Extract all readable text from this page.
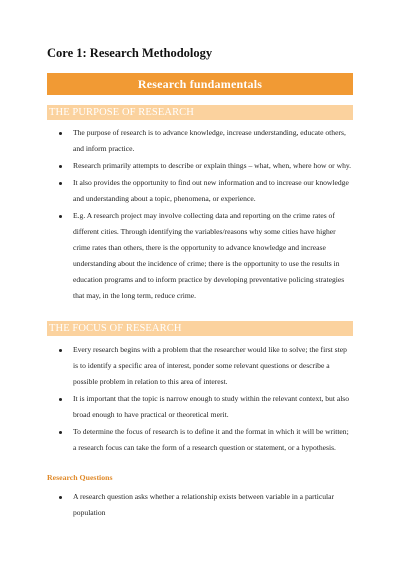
Core 1: Research Methodology
Research fundamentals
THE PURPOSE OF RESEARCH
The purpose of research is to advance knowledge, increase understanding, educate others, and inform practice.
Research primarily attempts to describe or explain things – what, when, where how or why.
It also provides the opportunity to find out new information and to increase our knowledge and understanding about a topic, phenomena, or experience.
E.g. A research project may involve collecting data and reporting on the crime rates of different cities. Through identifying the variables/reasons why some cities have higher crime rates than others, there is the opportunity to advance knowledge and increase understanding about the incidence of crime; there is the opportunity to use the results in education programs and to inform practice by developing preventative policing strategies that may, in the long term, reduce crime.
THE FOCUS OF RESEARCH
Every research begins with a problem that the researcher would like to solve; the first step is to identify a specific area of interest, ponder some relevant questions or describe a possible problem in relation to this area of interest.
It is important that the topic is narrow enough to study within the relevant context, but also broad enough to have practical or theoretical merit.
To determine the focus of research is to define it and the format in which it will be written; a research focus can take the form of a research question or statement, or a hypothesis.
Research Questions
A research question asks whether a relationship exists between variable in a particular population
